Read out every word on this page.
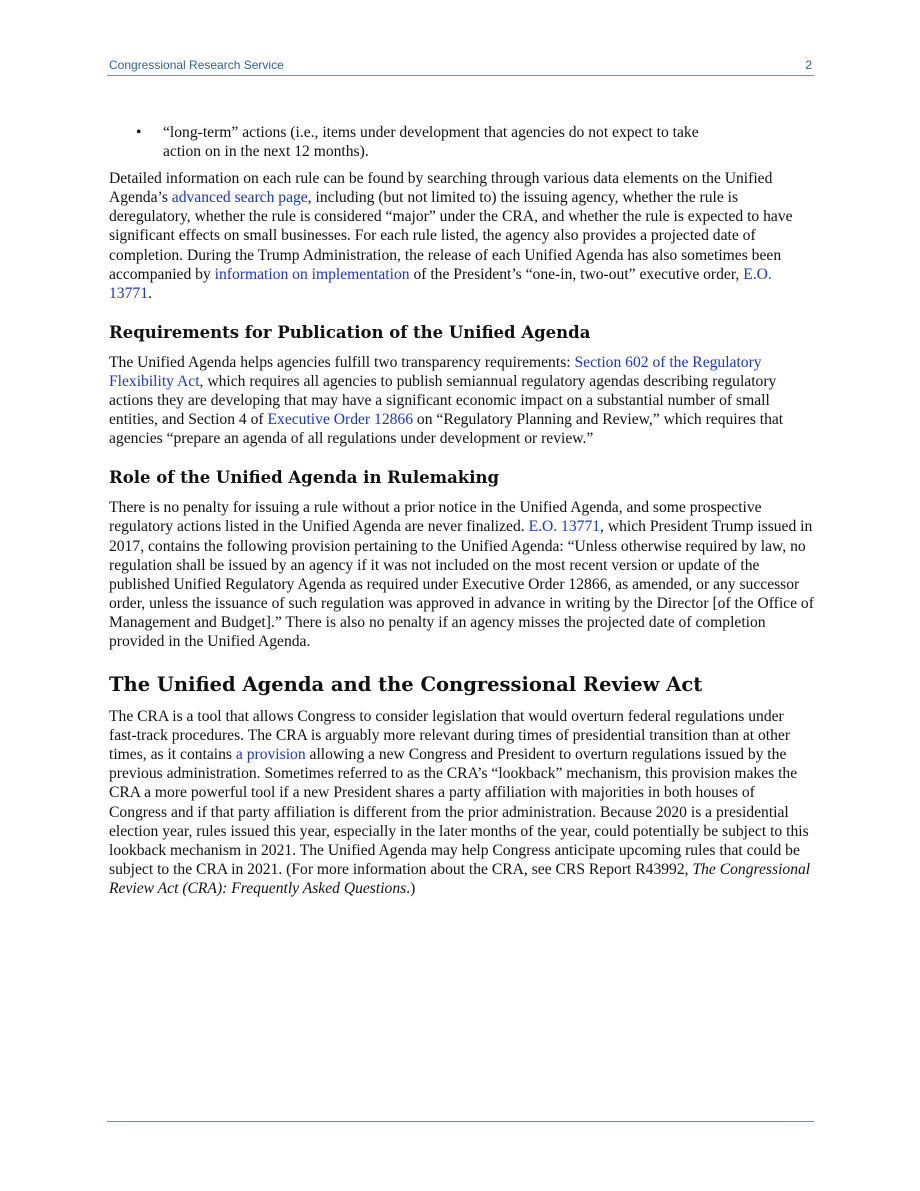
Congressional Research Service	2
• “long-term” actions (i.e., items under development that agencies do not expect to take
action on in the next 12 months).

Detailed information on each rule can be found by searching through various data elements on the Unified Agenda’s advanced search page, including (but not limited to) the issuing agency, whether the rule is deregulatory, whether the rule is considered “major” under the CRA, and whether the rule is expected to have significant effects on small businesses. For each rule listed, the agency also provides a projected date of completion. During the Trump Administration, the release of each Unified Agenda has also sometimes been accompanied by information on implementation of the President’s “one-in, two-out” executive order, E.O. 13771.

Requirements for Publication of the Unified Agenda

The Unified Agenda helps agencies fulfill two transparency requirements: Section 602 of the Regulatory Flexibility Act, which requires all agencies to publish semiannual regulatory agendas describing regulatory actions they are developing that may have a significant economic impact on a substantial number of small entities, and Section 4 of Executive Order 12866 on “Regulatory Planning and Review,” which requires that agencies “prepare an agenda of all regulations under development or review.”

Role of the Unified Agenda in Rulemaking

There is no penalty for issuing a rule without a prior notice in the Unified Agenda, and some prospective regulatory actions listed in the Unified Agenda are never finalized. E.O. 13771, which President Trump issued in 2017, contains the following provision pertaining to the Unified Agenda: “Unless otherwise required by law, no regulation shall be issued by an agency if it was not included on the most recent version or update of the published Unified Regulatory Agenda as required under Executive Order 12866, as amended, or any successor order, unless the issuance of such regulation was approved in advance in writing by the Director [of the Office of Management and Budget].” There is also no penalty if an agency misses the projected date of completion provided in the Unified Agenda.

The Unified Agenda and the Congressional Review Act

The CRA is a tool that allows Congress to consider legislation that would overturn federal regulations under fast-track procedures. The CRA is arguably more relevant during times of presidential transition than at other times, as it contains a provision allowing a new Congress and President to overturn regulations issued by the previous administration. Sometimes referred to as the CRA’s “lookback” mechanism, this provision makes the CRA a more powerful tool if a new President shares a party affiliation with majorities in both houses of Congress and if that party affiliation is different from the prior administration. Because 2020 is a presidential election year, rules issued this year, especially in the later months of the year, could potentially be subject to this lookback mechanism in 2021. The Unified Agenda may help Congress anticipate upcoming rules that could be subject to the CRA in 2021. (For more information about the CRA, see CRS Report R43992, The Congressional Review Act (CRA): Frequently Asked Questions.)
